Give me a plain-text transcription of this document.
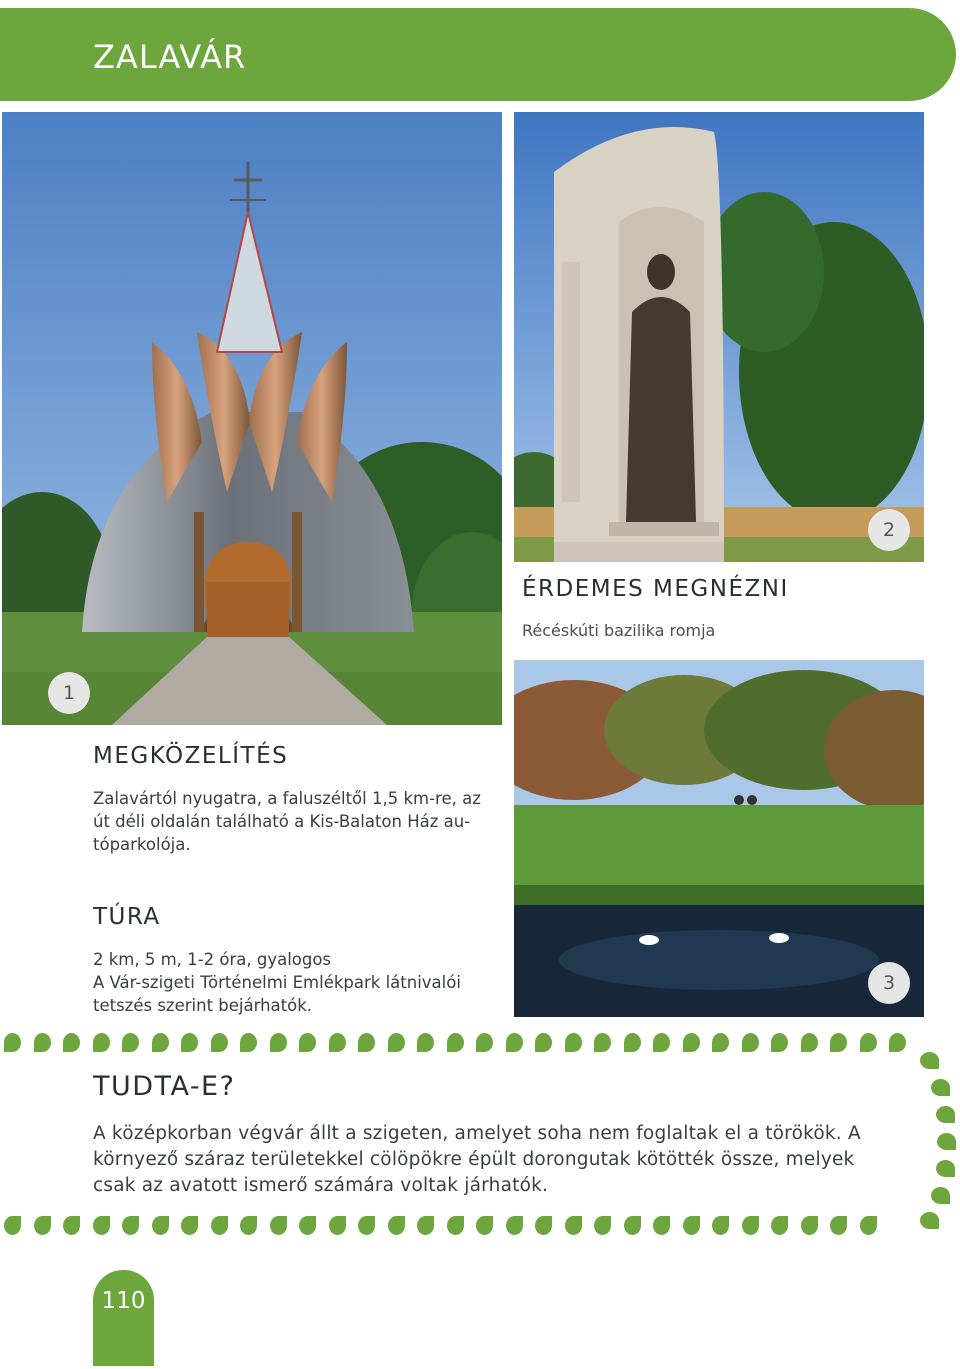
ZALAVÁR
1
2
ÉRDEMES MEGNÉZNI
Récéskúti bazilika romja
3
MEGKÖZELÍTÉS
Zalavártól nyugatra, a faluszéltől 1,5 km-re, az
út déli oldalán található a Kis-Balaton Ház au-
tóparkolója.
TÚRA
2 km, 5 m, 1-2 óra, gyalogos
A Vár-szigeti Történelmi Emlékpark látnivalói
tetszés szerint bejárhatók.
TUDTA-E?
A középkorban végvár állt a szigeten, amelyet soha nem foglaltak el a törökök. A
környező száraz területekkel cölöpökre épült dorongutak kötötték össze, melyek
csak az avatott ismerő számára voltak járhatók.
110
